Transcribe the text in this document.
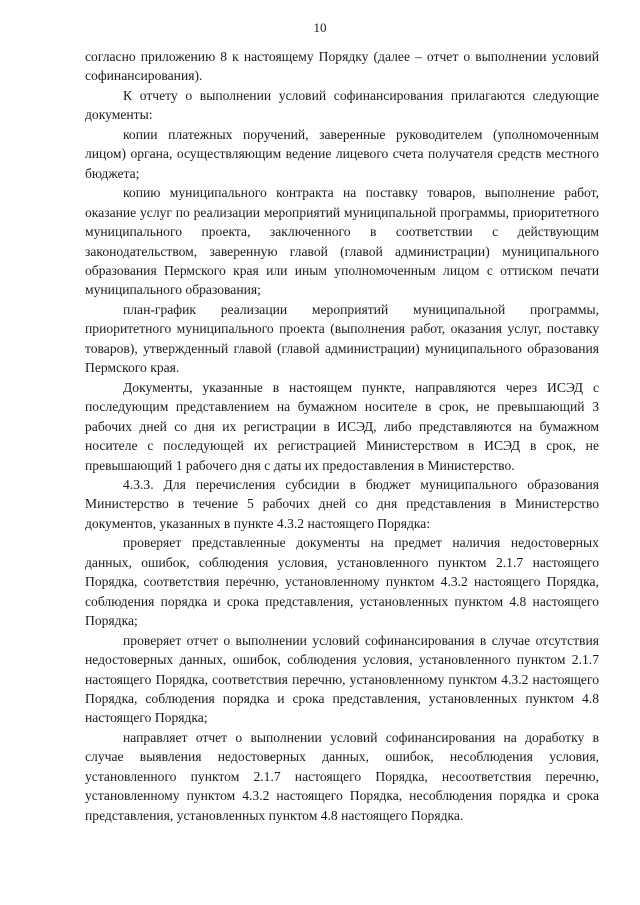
10

согласно приложению 8 к настоящему Порядку (далее – отчет о выполнении условий софинансирования).

К отчету о выполнении условий софинансирования прилагаются следующие документы:

копии платежных поручений, заверенные руководителем (уполномоченным лицом) органа, осуществляющим ведение лицевого счета получателя средств местного бюджета;

копию муниципального контракта на поставку товаров, выполнение работ, оказание услуг по реализации мероприятий муниципальной программы, приоритетного муниципального проекта, заключенного в соответствии с действующим законодательством, заверенную главой (главой администрации) муниципального образования Пермского края или иным уполномоченным лицом с оттиском печати муниципального образования;

план-график реализации мероприятий муниципальной программы, приоритетного муниципального проекта (выполнения работ, оказания услуг, поставку товаров), утвержденный главой (главой администрации) муниципального образования Пермского края.

Документы, указанные в настоящем пункте, направляются через ИСЭД с последующим представлением на бумажном носителе в срок, не превышающий 3 рабочих дней со дня их регистрации в ИСЭД, либо представляются на бумажном носителе с последующей их регистрацией Министерством в ИСЭД в срок, не превышающий 1 рабочего дня с даты их предоставления в Министерство.

4.3.3. Для перечисления субсидии в бюджет муниципального образования Министерство в течение 5 рабочих дней со дня представления в Министерство документов, указанных в пункте 4.3.2 настоящего Порядка:

проверяет представленные документы на предмет наличия недостоверных данных, ошибок, соблюдения условия, установленного пунктом 2.1.7 настоящего Порядка, соответствия перечню, установленному пунктом 4.3.2 настоящего Порядка, соблюдения порядка и срока представления, установленных пунктом 4.8 настоящего Порядка;

проверяет отчет о выполнении условий софинансирования в случае отсутствия недостоверных данных, ошибок, соблюдения условия, установленного пунктом 2.1.7 настоящего Порядка, соответствия перечню, установленному пунктом 4.3.2 настоящего Порядка, соблюдения порядка и срока представления, установленных пунктом 4.8 настоящего Порядка;

направляет отчет о выполнении условий софинансирования на доработку в случае выявления недостоверных данных, ошибок, несоблюдения условия, установленного пунктом 2.1.7 настоящего Порядка, несоответствия перечню, установленному пунктом 4.3.2 настоящего Порядка, несоблюдения порядка и срока представления, установленных пунктом 4.8 настоящего Порядка.
